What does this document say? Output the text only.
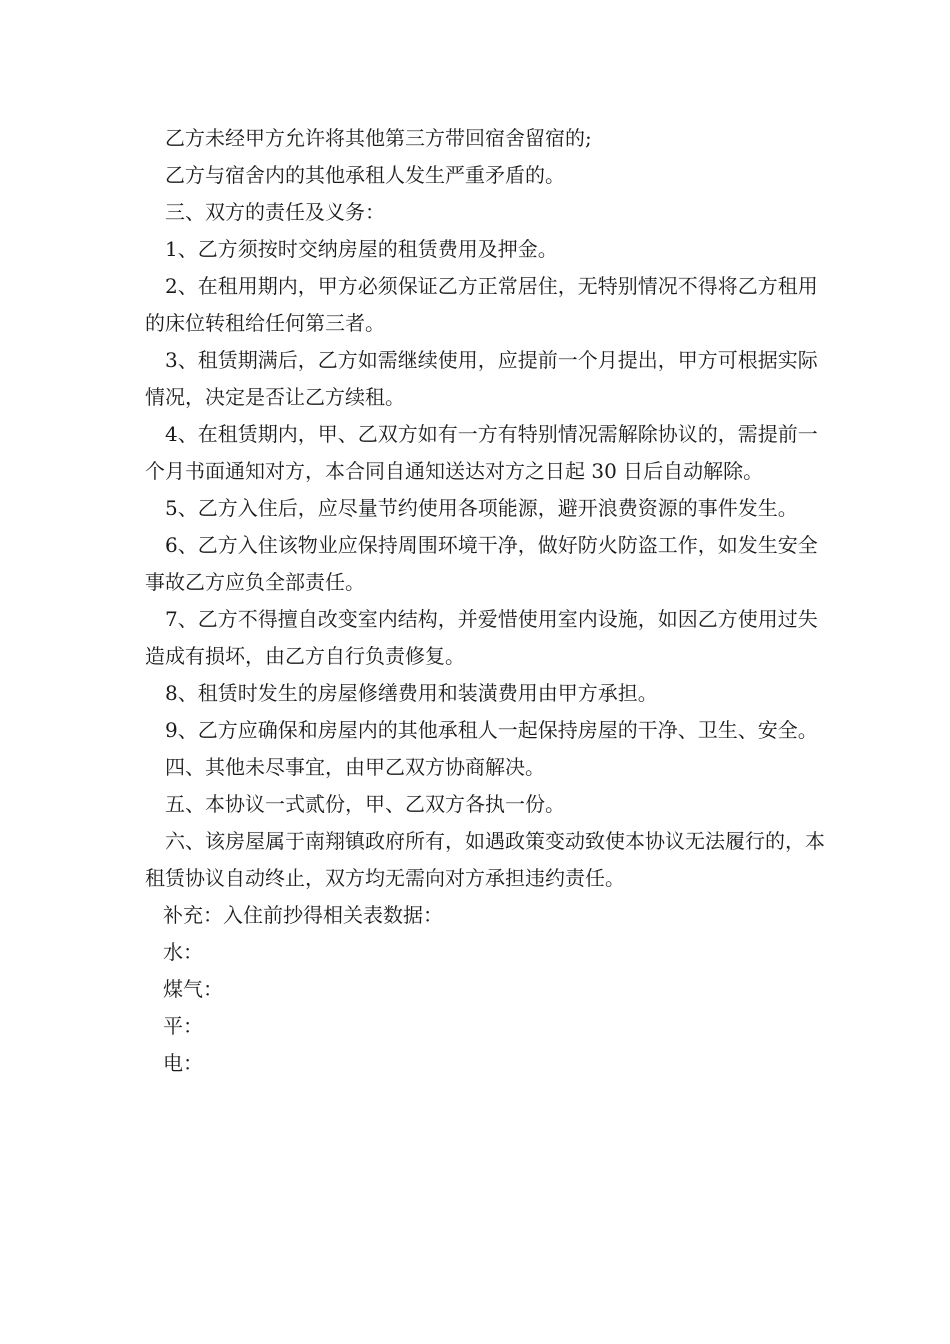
乙方未经甲方允许将其他第三方带回宿舍留宿的;

乙方与宿舍内的其他承租人发生严重矛盾的。

三、双方的责任及义务：

1、乙方须按时交纳房屋的租赁费用及押金。

2、在租用期内，甲方必须保证乙方正常居住，无特别情况不得将乙方租用的床位转租给任何第三者。

3、租赁期满后，乙方如需继续使用，应提前一个月提出，甲方可根据实际情况，决定是否让乙方续租。

4、在租赁期内，甲、乙双方如有一方有特别情况需解除协议的，需提前一个月书面通知对方，本合同自通知送达对方之日起 30 日后自动解除。

5、乙方入住后，应尽量节约使用各项能源，避开浪费资源的事件发生。

6、乙方入住该物业应保持周围环境干净，做好防火防盗工作，如发生安全事故乙方应负全部责任。

7、乙方不得擅自改变室内结构，并爱惜使用室内设施，如因乙方使用过失造成有损坏，由乙方自行负责修复。

8、租赁时发生的房屋修缮费用和装潢费用由甲方承担。

9、乙方应确保和房屋内的其他承租人一起保持房屋的干净、卫生、安全。

四、其他未尽事宜，由甲乙双方协商解决。

五、本协议一式贰份，甲、乙双方各执一份。

六、该房屋属于南翔镇政府所有，如遇政策变动致使本协议无法履行的，本租赁协议自动终止，双方均无需向对方承担违约责任。

补充：入住前抄得相关表数据：

水：

煤气：

平：

电：
